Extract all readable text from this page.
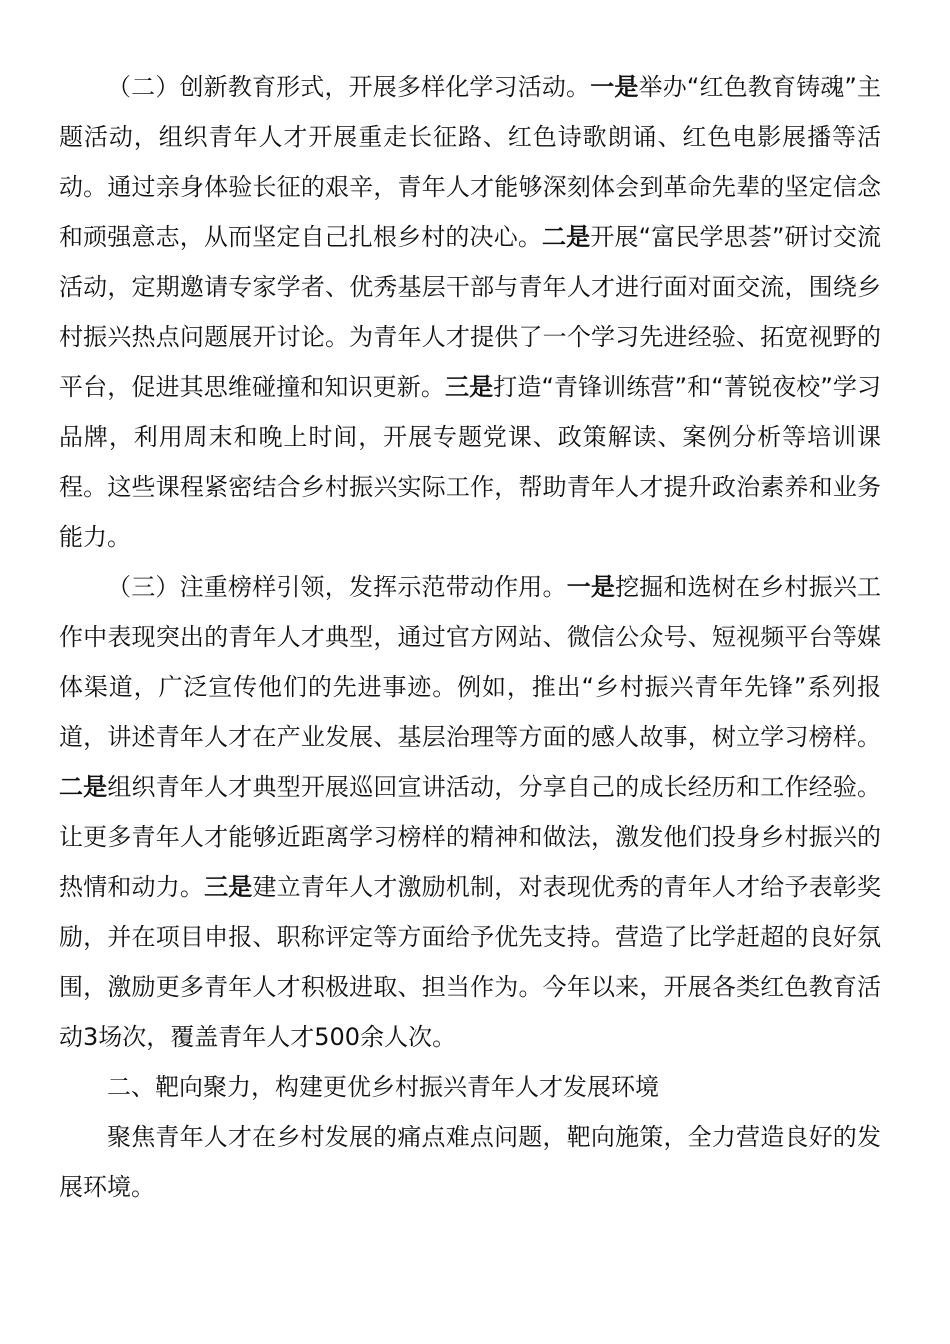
（二）创新教育形式，开展多样化学习活动。一是举办“红色教育铸魂”主题活动，组织青年人才开展重走长征路、红色诗歌朗诵、红色电影展播等活动。通过亲身体验长征的艰辛，青年人才能够深刻体会到革命先辈的坚定信念和顽强意志，从而坚定自己扎根乡村的决心。二是开展“富民学思荟”研讨交流活动，定期邀请专家学者、优秀基层干部与青年人才进行面对面交流，围绕乡村振兴热点问题展开讨论。为青年人才提供了一个学习先进经验、拓宽视野的平台，促进其思维碰撞和知识更新。三是打造“青锋训练营”和“菁锐夜校”学习品牌，利用周末和晚上时间，开展专题党课、政策解读、案例分析等培训课程。这些课程紧密结合乡村振兴实际工作，帮助青年人才提升政治素养和业务能力。

（三）注重榜样引领，发挥示范带动作用。一是挖掘和选树在乡村振兴工作中表现突出的青年人才典型，通过官方网站、微信公众号、短视频平台等媒体渠道，广泛宣传他们的先进事迹。例如，推出“乡村振兴青年先锋”系列报道，讲述青年人才在产业发展、基层治理等方面的感人故事，树立学习榜样。二是组织青年人才典型开展巡回宣讲活动，分享自己的成长经历和工作经验。让更多青年人才能够近距离学习榜样的精神和做法，激发他们投身乡村振兴的热情和动力。三是建立青年人才激励机制，对表现优秀的青年人才给予表彰奖励，并在项目申报、职称评定等方面给予优先支持。营造了比学赶超的良好氛围，激励更多青年人才积极进取、担当作为。今年以来，开展各类红色教育活动3场次，覆盖青年人才500余人次。

二、靶向聚力，构建更优乡村振兴青年人才发展环境

聚焦青年人才在乡村发展的痛点难点问题，靶向施策，全力营造良好的发展环境。
